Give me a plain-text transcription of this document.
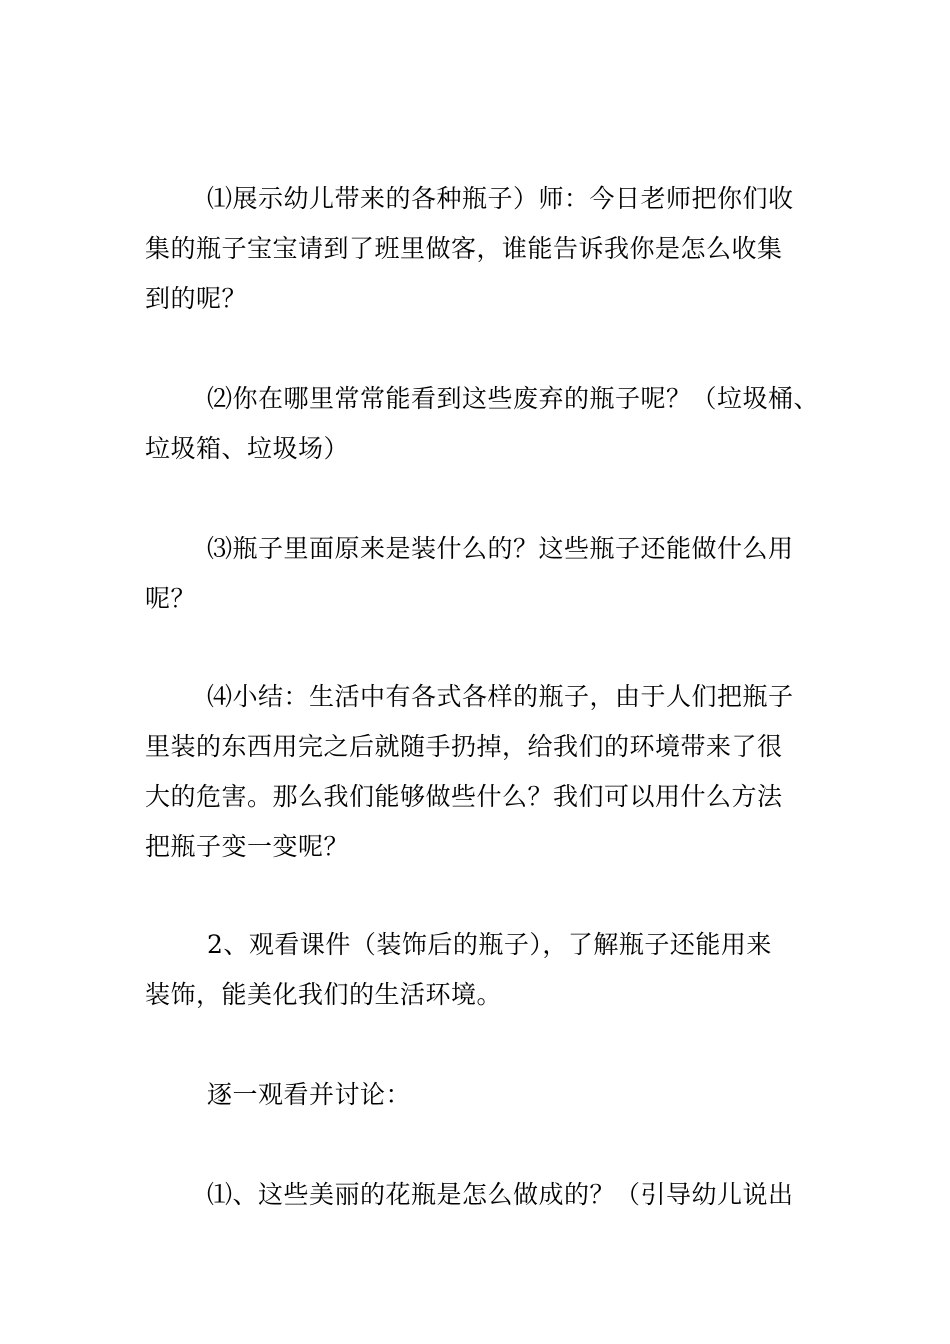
⑴展示幼儿带来的各种瓶子）师：今日老师把你们收
集的瓶子宝宝请到了班里做客，谁能告诉我你是怎么收集
到的呢？
⑵你在哪里常常能看到这些废弃的瓶子呢？（垃圾桶、
垃圾箱、垃圾场）
⑶瓶子里面原来是装什么的？这些瓶子还能做什么用
呢？
⑷小结：生活中有各式各样的瓶子，由于人们把瓶子
里装的东西用完之后就随手扔掉，给我们的环境带来了很
大的危害。那么我们能够做些什么？我们可以用什么方法
把瓶子变一变呢？
2、观看课件（装饰后的瓶子），了解瓶子还能用来
装饰，能美化我们的生活环境。
逐一观看并讨论：
⑴、这些美丽的花瓶是怎么做成的？（引导幼儿说出
